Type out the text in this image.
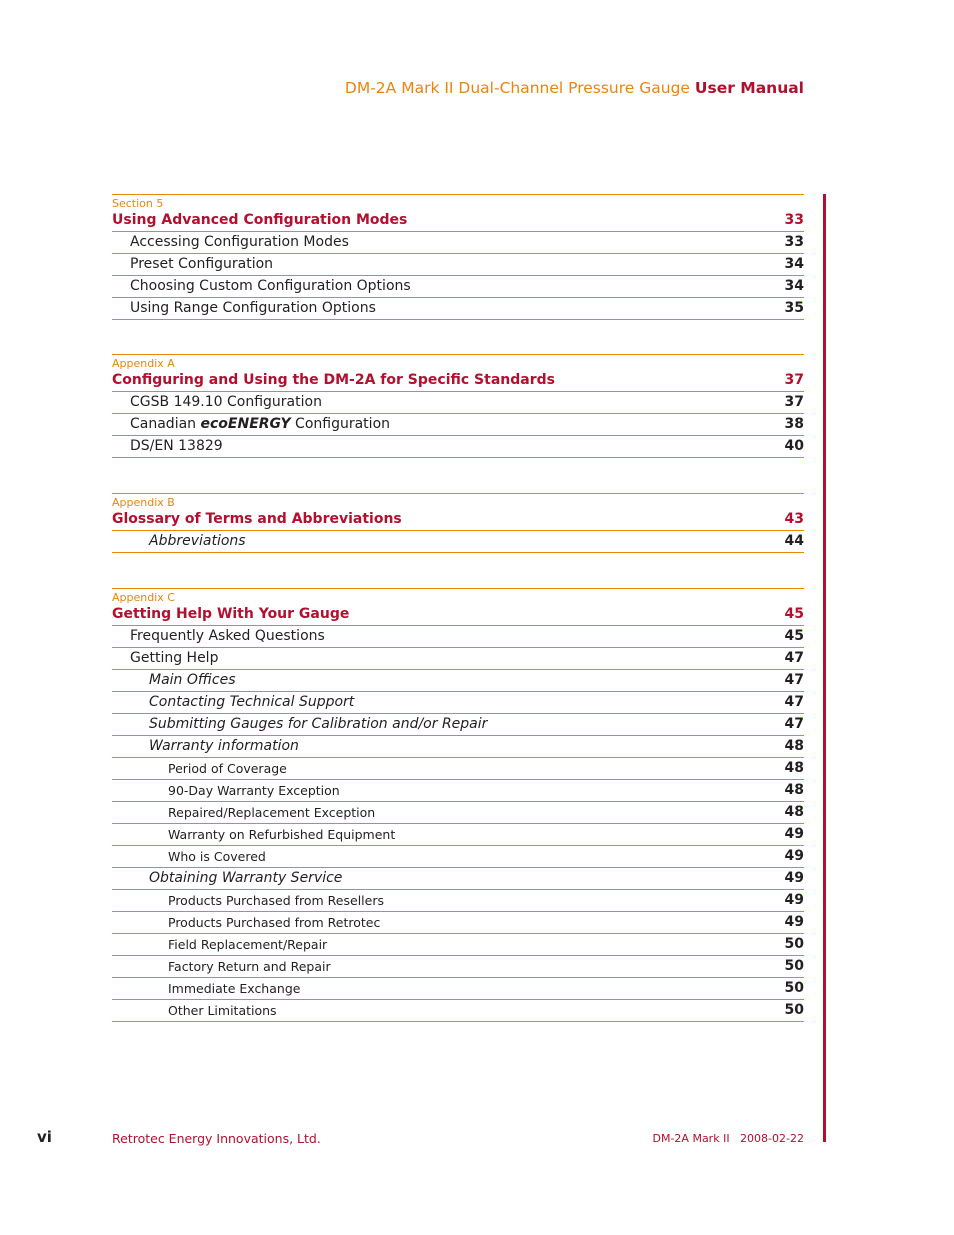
DM-2A Mark II Dual-Channel Pressure Gauge User Manual
Section 5
Using Advanced Configuration Modes	33
Accessing Configuration Modes	33
Preset Configuration	34
Choosing Custom Configuration Options	34
Using Range Configuration Options	35
Appendix A
Configuring and Using the DM-2A for Specific Standards	37
CGSB 149.10 Configuration	37
Canadian ecoENERGY Configuration	38
DS/EN 13829	40
Appendix B
Glossary of Terms and Abbreviations	43
Abbreviations	44
Appendix C
Getting Help With Your Gauge	45
Frequently Asked Questions	45
Getting Help	47
Main Offices	47
Contacting Technical Support	47
Submitting Gauges for Calibration and/or Repair	47
Warranty information	48
Period of Coverage	48
90-Day Warranty Exception	48
Repaired/Replacement Exception	48
Warranty on Refurbished Equipment	49
Who is Covered	49
Obtaining Warranty Service	49
Products Purchased from Resellers	49
Products Purchased from Retrotec	49
Field Replacement/Repair	50
Factory Return and Repair	50
Immediate Exchange	50
Other Limitations	50
vi	Retrotec Energy Innovations, Ltd.	DM-2A Mark II 2008-02-22
